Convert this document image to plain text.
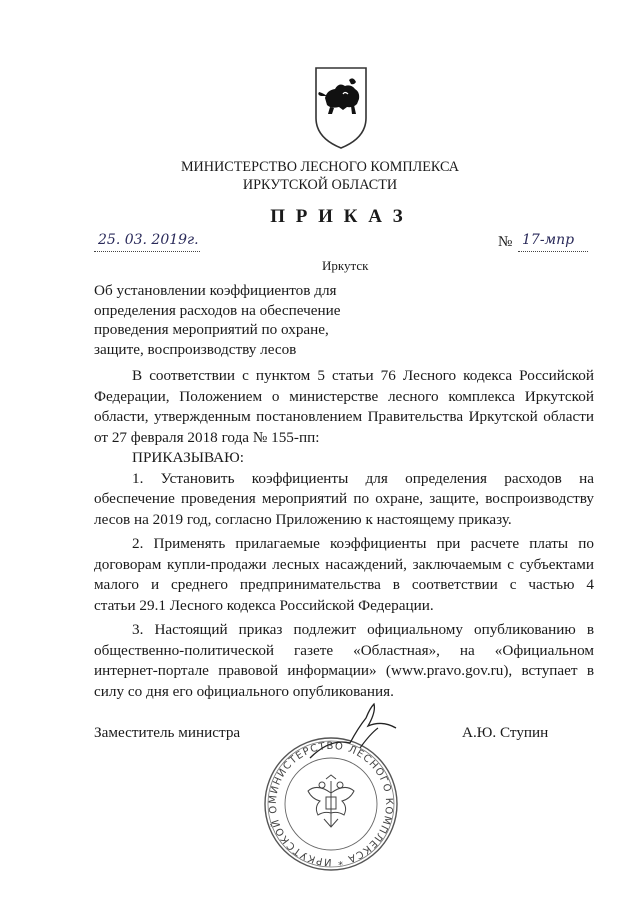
МИНИСТЕРСТВО ЛЕСНОГО КОМПЛЕКСА
ИРКУТСКОЙ ОБЛАСТИ
П Р И К А З
25. 03. 2019г.	№ 17-мпр
Иркутск
Об установлении коэффициентов для
определения расходов на обеспечение
проведения мероприятий по охране,
защите, воспроизводству лесов
В соответствии с пунктом 5 статьи 76 Лесного кодекса Российской
Федерации, Положением о министерстве лесного комплекса Иркутской
области, утвержденным постановлением Правительства Иркутской области
от 27 февраля 2018 года № 155-пп:
ПРИКАЗЫВАЮ:
1. Установить коэффициенты для определения расходов на
обеспечение проведения мероприятий по охране, защите, воспроизводству
лесов на 2019 год, согласно Приложению к настоящему приказу.
2. Применять прилагаемые коэффициенты при расчете платы по
договорам купли-продажи лесных насаждений, заключаемым с субъектами
малого и среднего предпринимательства в соответствии с частью 4
статьи 29.1 Лесного кодекса Российской Федерации.
3. Настоящий приказ подлежит официальному опубликованию в
общественно-политической газете «Областная», на «Официальном
интернет-портале правовой информации» (www.pravo.gov.ru), вступает в
силу со дня его официального опубликования.
МИНИСТЕРСТВО ЛЕСНОГО КОМПЛЕКСА * ИРКУТСКОЙ О
Заместитель министра	А.Ю. Ступин
